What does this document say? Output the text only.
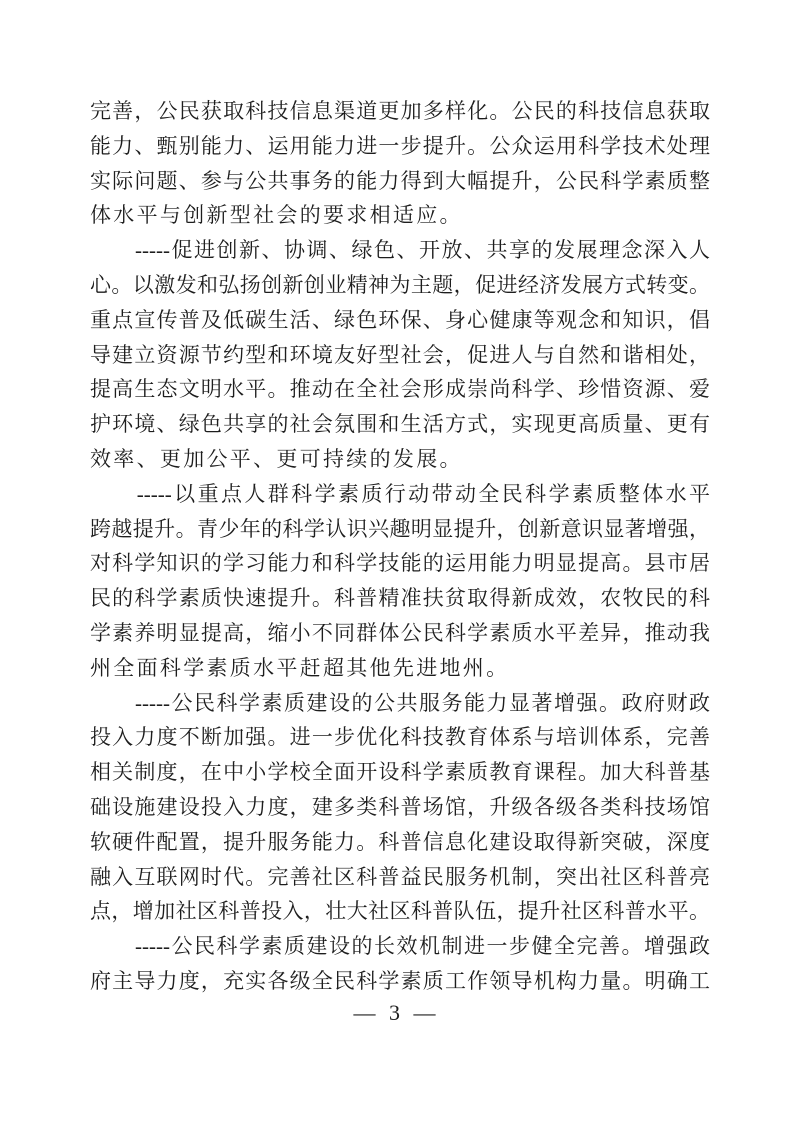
完善，公民获取科技信息渠道更加多样化。公民的科技信息获取
能力、甄别能力、运用能力进一步提升。公众运用科学技术处理
实际问题、参与公共事务的能力得到大幅提升，公民科学素质整
体水平与创新型社会的要求相适应。
　　-----促进创新、协调、绿色、开放、共享的发展理念深入人
心。以激发和弘扬创新创业精神为主题，促进经济发展方式转变。
重点宣传普及低碳生活、绿色环保、身心健康等观念和知识，倡
导建立资源节约型和环境友好型社会，促进人与自然和谐相处，
提高生态文明水平。推动在全社会形成崇尚科学、珍惜资源、爱
护环境、绿色共享的社会氛围和生活方式，实现更高质量、更有
效率、更加公平、更可持续的发展。
　　-----以重点人群科学素质行动带动全民科学素质整体水平
跨越提升。青少年的科学认识兴趣明显提升，创新意识显著增强，
对科学知识的学习能力和科学技能的运用能力明显提高。县市居
民的科学素质快速提升。科普精准扶贫取得新成效，农牧民的科
学素养明显提高，缩小不同群体公民科学素质水平差异，推动我
州全面科学素质水平赶超其他先进地州。
　　-----公民科学素质建设的公共服务能力显著增强。政府财政
投入力度不断加强。进一步优化科技教育体系与培训体系，完善
相关制度，在中小学校全面开设科学素质教育课程。加大科普基
础设施建设投入力度，建多类科普场馆，升级各级各类科技场馆
软硬件配置，提升服务能力。科普信息化建设取得新突破，深度
融入互联网时代。完善社区科普益民服务机制，突出社区科普亮
点，增加社区科普投入，壮大社区科普队伍，提升社区科普水平。
　　-----公民科学素质建设的长效机制进一步健全完善。增强政
府主导力度，充实各级全民科学素质工作领导机构力量。明确工
— 3 —
